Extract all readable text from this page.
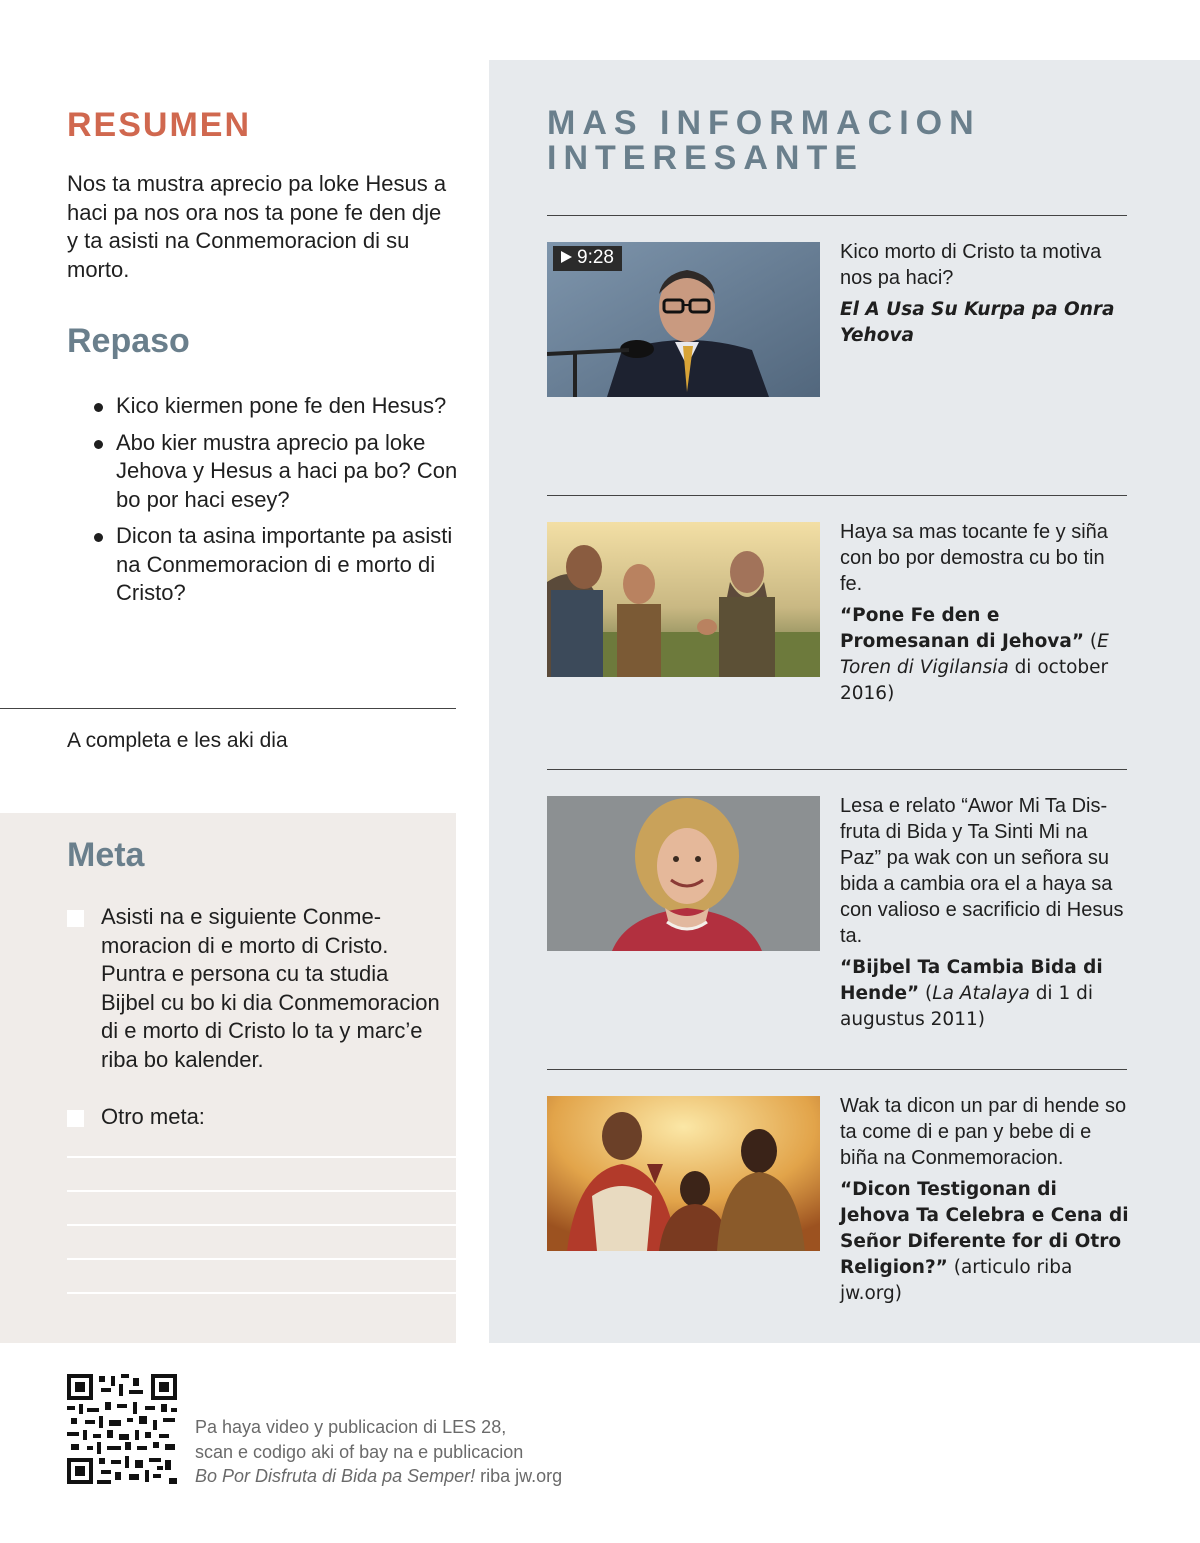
RESUMEN
Nos ta mustra aprecio pa loke Hesus a haci pa nos ora nos ta pone fe den dje y ta asisti na Conmemoracion di su morto.
Repaso
Kico kiermen pone fe den Hesus?
Abo kier mustra aprecio pa loke Jehova y Hesus a haci pa bo? Con bo por haci esey?
Dicon ta asina importante pa asisti na Conmemoracion di e morto di Cristo?
A completa e les aki dia
Meta
Asisti na e siguiente Conmemoracion di e morto di Cristo. Puntra e persona cu ta studia Bijbel cu bo ki dia Conmemoracion di e morto di Cristo lo ta y marc’e riba bo kalender.
Otro meta:
MAS INFORMACION INTERESANTE
9:28	Kico morto di Cristo ta motiva nos pa haci?
El A Usa Su Kurpa pa Onra Yehova
Haya sa mas tocante fe y siña con bo por demostra cu bo tin fe.
“Pone Fe den e Promesanan di Jehova” (E Toren di Vigilansia di october 2016)
Lesa e relato “Awor Mi Ta Disfruta di Bida y Ta Sinti Mi na Paz” pa wak con un señora su bida a cambia ora el a haya sa con valioso e sacrificio di Hesus ta.
“Bijbel Ta Cambia Bida di Hende” (La Atalaya di 1 di augustus 2011)
Wak ta dicon un par di hende so ta come di e pan y bebe di e biña na Conmemoracion.
“Dicon Testigonan di Jehova Ta Celebra e Cena di Señor Diferente for di Otro Religion?” (articulo riba jw.org)
Pa haya video y publicacion di LES 28,
scan e codigo aki of bay na e publicacion
Bo Por Disfruta di Bida pa Semper! riba jw.org
